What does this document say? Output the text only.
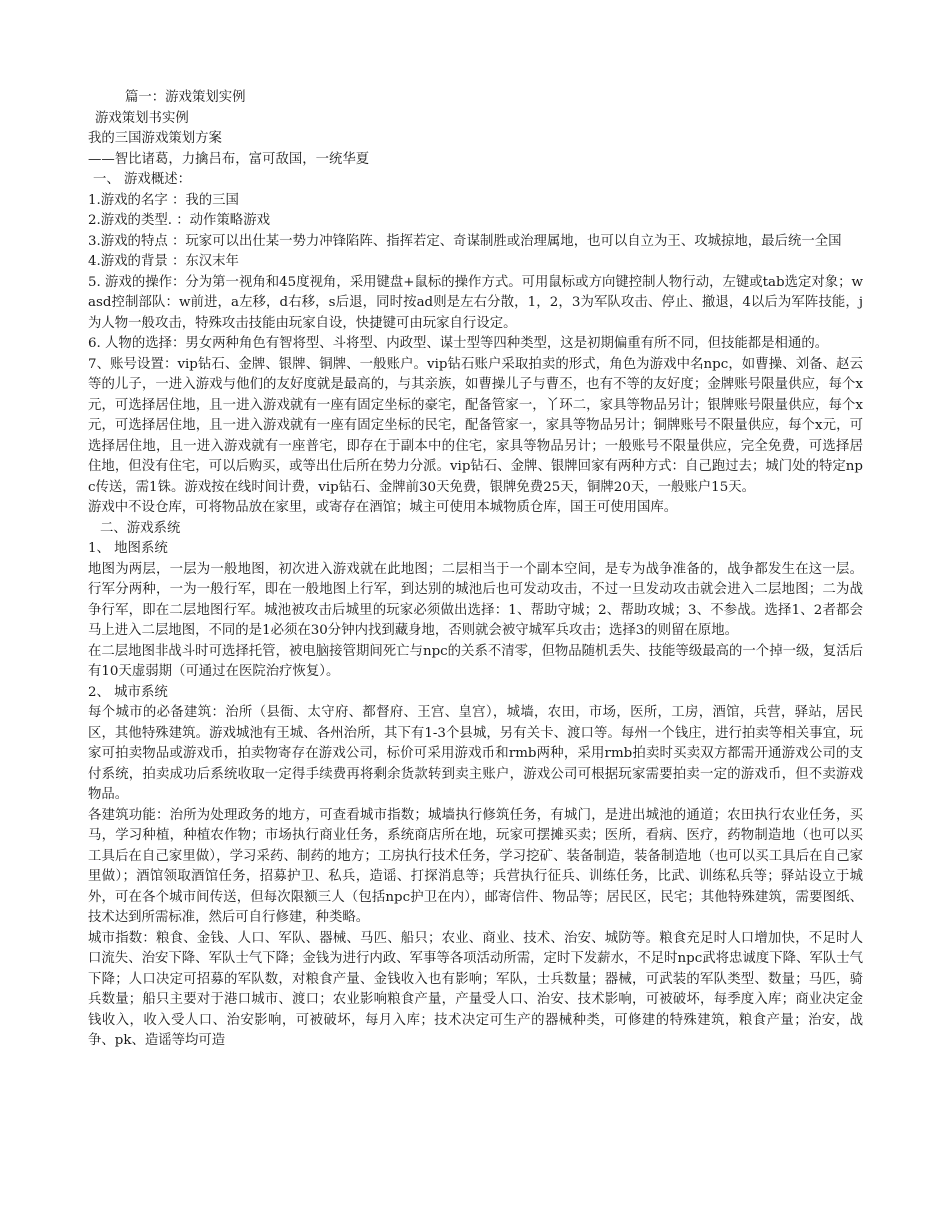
篇一：游戏策划实例
游戏策划书实例
我的三国游戏策划方案
——智比诸葛，力擒吕布，富可敌国，一统华夏
一、 游戏概述：
1.游戏的名字 ：我的三国
2.游戏的类型. ：动作策略游戏
3.游戏的特点 ：玩家可以出仕某一势力冲锋陷阵、指挥若定、奇谋制胜或治理属地，也可以自立为王、攻城掠地，最后统一全国
4.游戏的背景 ：东汉末年
5. 游戏的操作：分为第一视角和45度视角，采用键盘+鼠标的操作方式。可用鼠标或方向键控制人物行动，左键或tab选定对象；wasd控制部队：w前进，a左移，d右移，s后退，同时按ad则是左右分散，1，2，3为军队攻击、停止、撤退，4以后为军阵技能，j为人物一般攻击，特殊攻击技能由玩家自设，快捷键可由玩家自行设定。
6. 人物的选择：男女两种角色有智将型、斗将型、内政型、谋士型等四种类型，这是初期偏重有所不同，但技能都是相通的。
7、账号设置：vip钻石、金牌、银牌、铜牌、一般账户。vip钻石账户采取拍卖的形式，角色为游戏中名npc，如曹操、刘备、赵云等的儿子，一进入游戏与他们的友好度就是最高的，与其亲族，如曹操儿子与曹丕，也有不等的友好度；金牌账号限量供应，每个x元，可选择居住地，且一进入游戏就有一座有固定坐标的豪宅，配备管家一，丫环二，家具等物品另计；银牌账号限量供应，每个x元，可选择居住地，且一进入游戏就有一座有固定坐标的民宅，配备管家一，家具等物品另计；铜牌账号不限量供应，每个x元，可选择居住地，且一进入游戏就有一座普宅，即存在于副本中的住宅，家具等物品另计；一般账号不限量供应，完全免费，可选择居住地，但没有住宅，可以后购买，或等出仕后所在势力分派。vip钻石、金牌、银牌回家有两种方式：自己跑过去；城门处的特定npc传送，需1铢。游戏按在线时间计费，vip钻石、金牌前30天免费，银牌免费25天，铜牌20天，一般账户15天。
游戏中不设仓库，可将物品放在家里，或寄存在酒馆；城主可使用本城物质仓库，国王可使用国库。
二、游戏系统
1、 地图系统
地图为两层，一层为一般地图，初次进入游戏就在此地图；二层相当于一个副本空间，是专为战争准备的，战争都发生在这一层。行军分两种，一为一般行军，即在一般地图上行军，到达别的城池后也可发动攻击，不过一旦发动攻击就会进入二层地图；二为战争行军，即在二层地图行军。城池被攻击后城里的玩家必须做出选择：1、帮助守城；2、帮助攻城；3、不参战。选择1、2者都会马上进入二层地图，不同的是1必须在30分钟内找到藏身地，否则就会被守城军兵攻击；选择3的则留在原地。
在二层地图非战斗时可选择托管，被电脑接管期间死亡与npc的关系不清零，但物品随机丢失、技能等级最高的一个掉一级，复活后有10天虚弱期（可通过在医院治疗恢复）。
2、 城市系统
每个城市的必备建筑：治所（县衙、太守府、都督府、王宫、皇宫），城墙，农田，市场，医所，工房，酒馆，兵营，驿站，居民区，其他特殊建筑。游戏城池有王城、各州治所，其下有1-3个县城，另有关卡、渡口等。每州一个钱庄，进行拍卖等相关事宜，玩家可拍卖物品或游戏币，拍卖物寄存在游戏公司，标价可采用游戏币和rmb两种，采用rmb拍卖时买卖双方都需开通游戏公司的支付系统，拍卖成功后系统收取一定得手续费再将剩余货款转到卖主账户，游戏公司可根据玩家需要拍卖一定的游戏币，但不卖游戏物品。
各建筑功能：治所为处理政务的地方，可查看城市指数；城墙执行修筑任务，有城门，是进出城池的通道；农田执行农业任务，买马，学习种植，种植农作物；市场执行商业任务，系统商店所在地，玩家可摆摊买卖；医所，看病、医疗，药物制造地（也可以买工具后在自己家里做），学习采药、制药的地方；工房执行技术任务，学习挖矿、装备制造，装备制造地（也可以买工具后在自己家里做）；酒馆领取酒馆任务，招募护卫、私兵，造谣、打探消息等；兵营执行征兵、训练任务，比武、训练私兵等；驿站设立于城外，可在各个城市间传送，但每次限额三人（包括npc护卫在内），邮寄信件、物品等；居民区，民宅；其他特殊建筑，需要图纸、技术达到所需标准，然后可自行修建，种类略。
城市指数：粮食、金钱、人口、军队、器械、马匹、船只；农业、商业、技术、治安、城防等。粮食充足时人口增加快，不足时人口流失、治安下降、军队士气下降；金钱为进行内政、军事等各项活动所需，定时下发薪水，不足时npc武将忠诚度下降、军队士气下降；人口决定可招募的军队数，对粮食产量、金钱收入也有影响；军队，士兵数量；器械，可武装的军队类型、数量；马匹，骑兵数量；船只主要对于港口城市、渡口；农业影响粮食产量，产量受人口、治安、技术影响，可被破坏，每季度入库；商业决定金钱收入，收入受人口、治安影响，可被破坏，每月入库；技术决定可生产的器械种类，可修建的特殊建筑，粮食产量；治安，战争、pk、造谣等均可造
